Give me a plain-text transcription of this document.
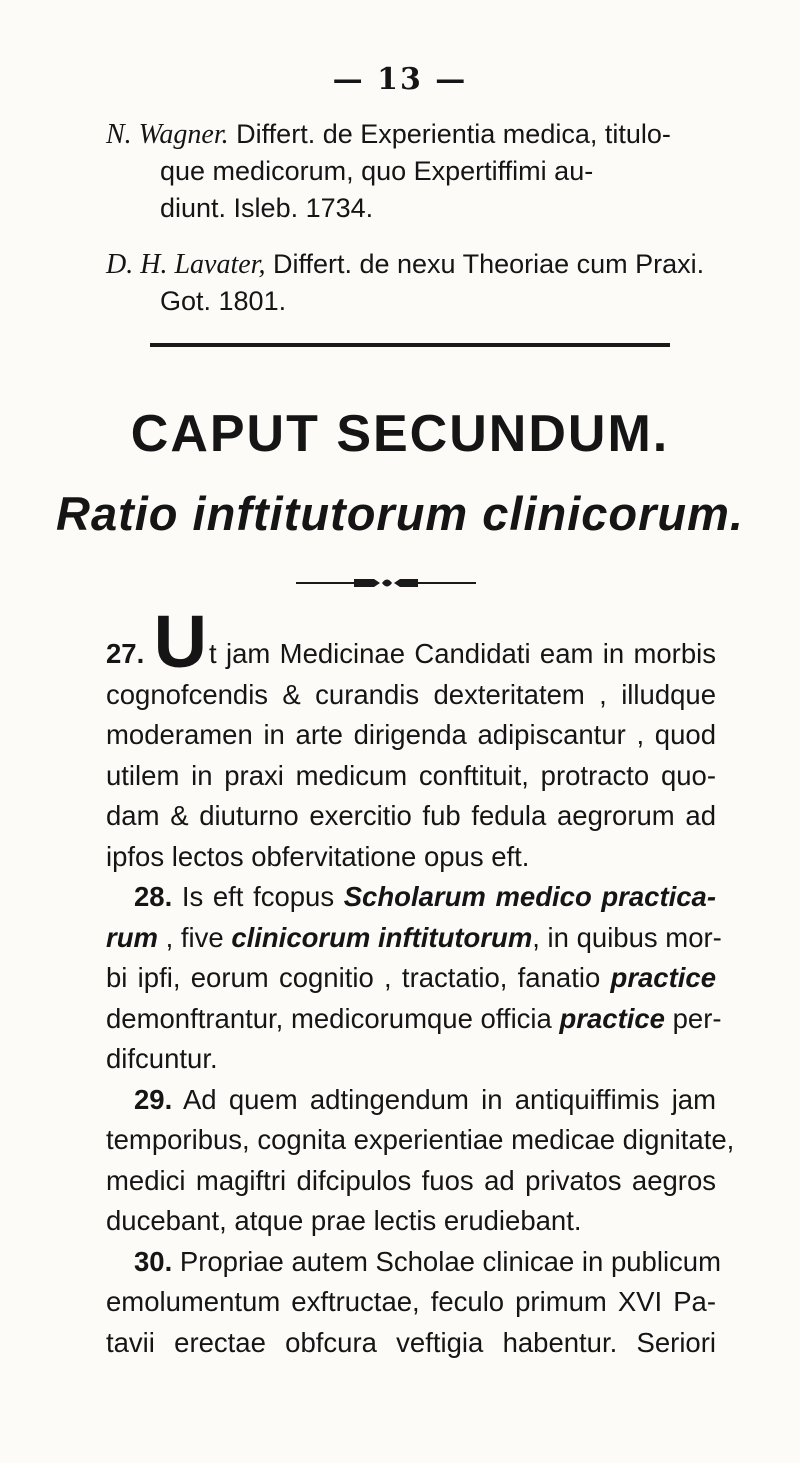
— 13 —
N. Wagner. Differt. de Experientia medica, titulo-
que medicorum, quo Expertiffimi au-
diunt. Isleb. 1734.
D. H. Lavater, Differt. de nexu Theoriae cum Praxi.
Got. 1801.
CAPUT SECUNDUM.
Ratio inftitutorum clinicorum.
27. Ut jam Medicinae Candidati eam in morbis
cognofcendis & curandis dexteritatem , illudque
moderamen in arte dirigenda adipiscantur , quod
utilem in praxi medicum conftituit, protracto quo-
dam & diuturno exercitio fub fedula aegrorum ad
ipfos lectos obfervitatione opus eft.
28. Is eft fcopus Scholarum medico practica-
rum , five clinicorum inftitutorum, in quibus mor-
bi ipfi, eorum cognitio , tractatio, fanatio practice
demonftrantur, medicorumque officia practice per-
difcuntur.
29. Ad quem adtingendum in antiquiffimis jam
temporibus, cognita experientiae medicae dignitate,
medici magiftri difcipulos fuos ad privatos aegros
ducebant, atque prae lectis erudiebant.
30. Propriae autem Scholae clinicae in publicum
emolumentum exftructae, feculo primum XVI Pa-
tavii erectae obfcura veftigia habentur. Seriori
